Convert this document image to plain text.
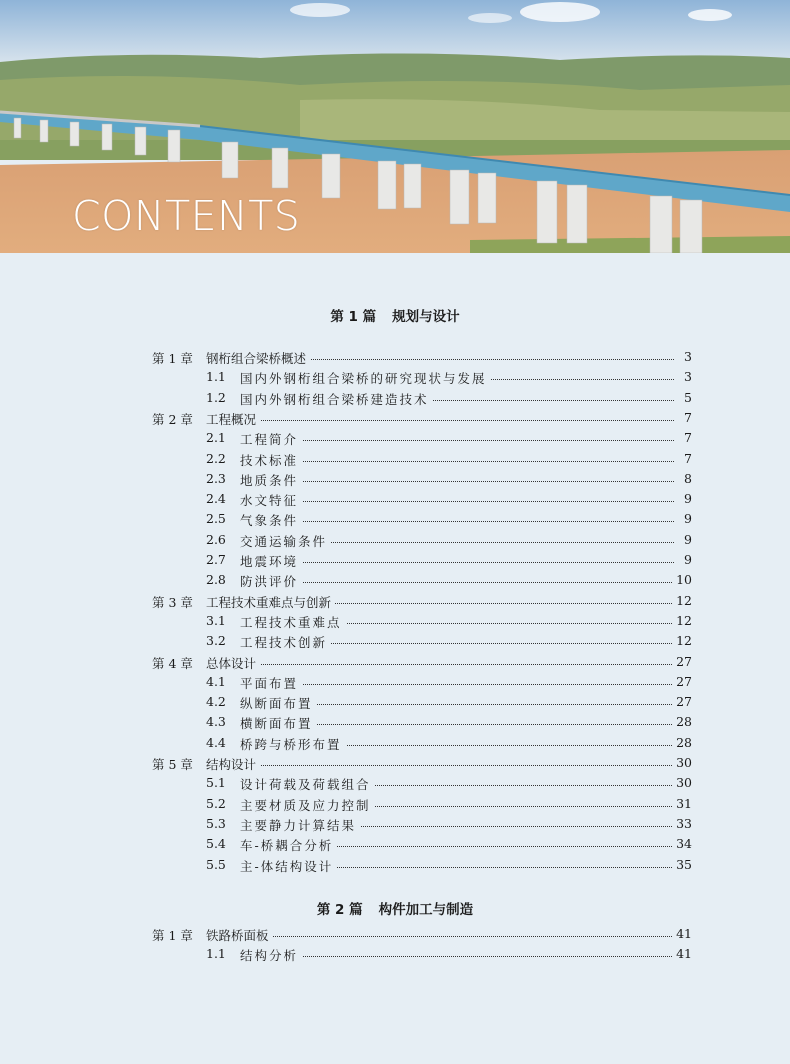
CONTENTS
第 1 篇 规划与设计
第 1 章 钢桁组合梁桥概述	3
1.1 国内外钢桁组合梁桥的研究现状与发展	3
1.2 国内外钢桁组合梁桥建造技术	5
第 2 章 工程概况	7
2.1 工程简介	7
2.2 技术标准	7
2.3 地质条件	8
2.4 水文特征	9
2.5 气象条件	9
2.6 交通运输条件	9
2.7 地震环境	9
2.8 防洪评价	10
第 3 章 工程技术重难点与创新	12
3.1 工程技术重难点	12
3.2 工程技术创新	12
第 4 章 总体设计	27
4.1 平面布置	27
4.2 纵断面布置	27
4.3 横断面布置	28
4.4 桥跨与桥形布置	28
第 5 章 结构设计	30
5.1 设计荷载及荷载组合	30
5.2 主要材质及应力控制	31
5.3 主要静力计算结果	33
5.4 车-桥耦合分析	34
5.5 主-体结构设计	35
第 2 篇 构件加工与制造
第 1 章 铁路桥面板	41
1.1 结构分析	41
